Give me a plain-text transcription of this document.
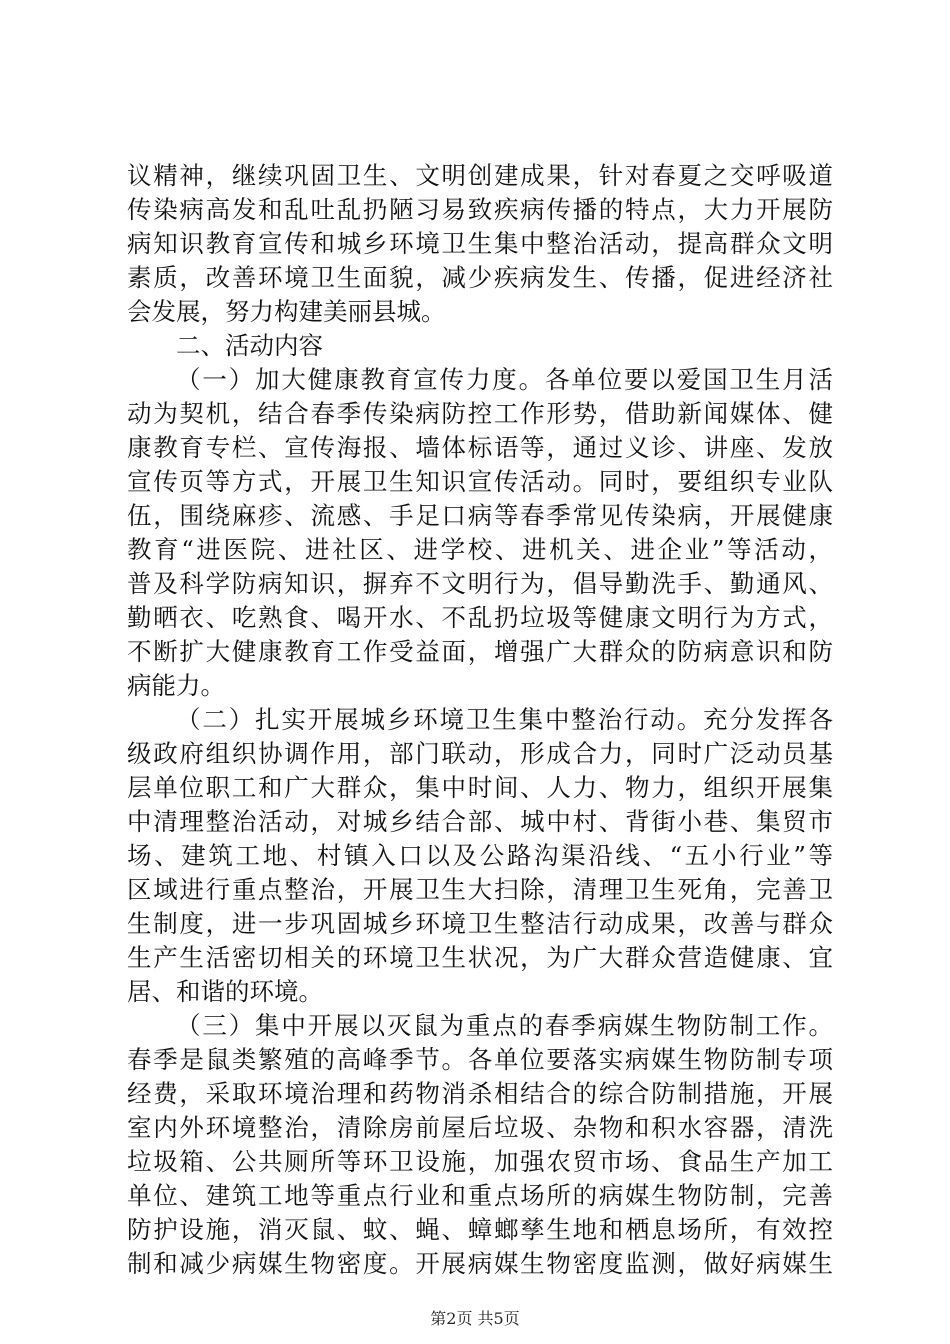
议精神，继续巩固卫生、文明创建成果，针对春夏之交呼吸道
传染病高发和乱吐乱扔陋习易致疾病传播的特点，大力开展防
病知识教育宣传和城乡环境卫生集中整治活动，提高群众文明
素质，改善环境卫生面貌，减少疾病发生、传播，促进经济社
会发展，努力构建美丽县城。
二、活动内容
（一）加大健康教育宣传力度。各单位要以爱国卫生月活
动为契机，结合春季传染病防控工作形势，借助新闻媒体、健
康教育专栏、宣传海报、墙体标语等，通过义诊、讲座、发放
宣传页等方式，开展卫生知识宣传活动。同时，要组织专业队
伍，围绕麻疹、流感、手足口病等春季常见传染病，开展健康
教育“进医院、进社区、进学校、进机关、进企业”等活动，
普及科学防病知识，摒弃不文明行为，倡导勤洗手、勤通风、
勤晒衣、吃熟食、喝开水、不乱扔垃圾等健康文明行为方式，
不断扩大健康教育工作受益面，增强广大群众的防病意识和防
病能力。
（二）扎实开展城乡环境卫生集中整治行动。充分发挥各
级政府组织协调作用，部门联动，形成合力，同时广泛动员基
层单位职工和广大群众，集中时间、人力、物力，组织开展集
中清理整治活动，对城乡结合部、城中村、背街小巷、集贸市
场、建筑工地、村镇入口以及公路沟渠沿线、“五小行业”等
区域进行重点整治，开展卫生大扫除，清理卫生死角，完善卫
生制度，进一步巩固城乡环境卫生整洁行动成果，改善与群众
生产生活密切相关的环境卫生状况，为广大群众营造健康、宜
居、和谐的环境。
（三）集中开展以灭鼠为重点的春季病媒生物防制工作。
春季是鼠类繁殖的高峰季节。各单位要落实病媒生物防制专项
经费，采取环境治理和药物消杀相结合的综合防制措施，开展
室内外环境整治，清除房前屋后垃圾、杂物和积水容器，清洗
垃圾箱、公共厕所等环卫设施，加强农贸市场、食品生产加工
单位、建筑工地等重点行业和重点场所的病媒生物防制，完善
防护设施，消灭鼠、蚊、蝇、蟑螂孳生地和栖息场所，有效控
制和减少病媒生物密度。开展病媒生物密度监测，做好病媒生
第2页 共5页
